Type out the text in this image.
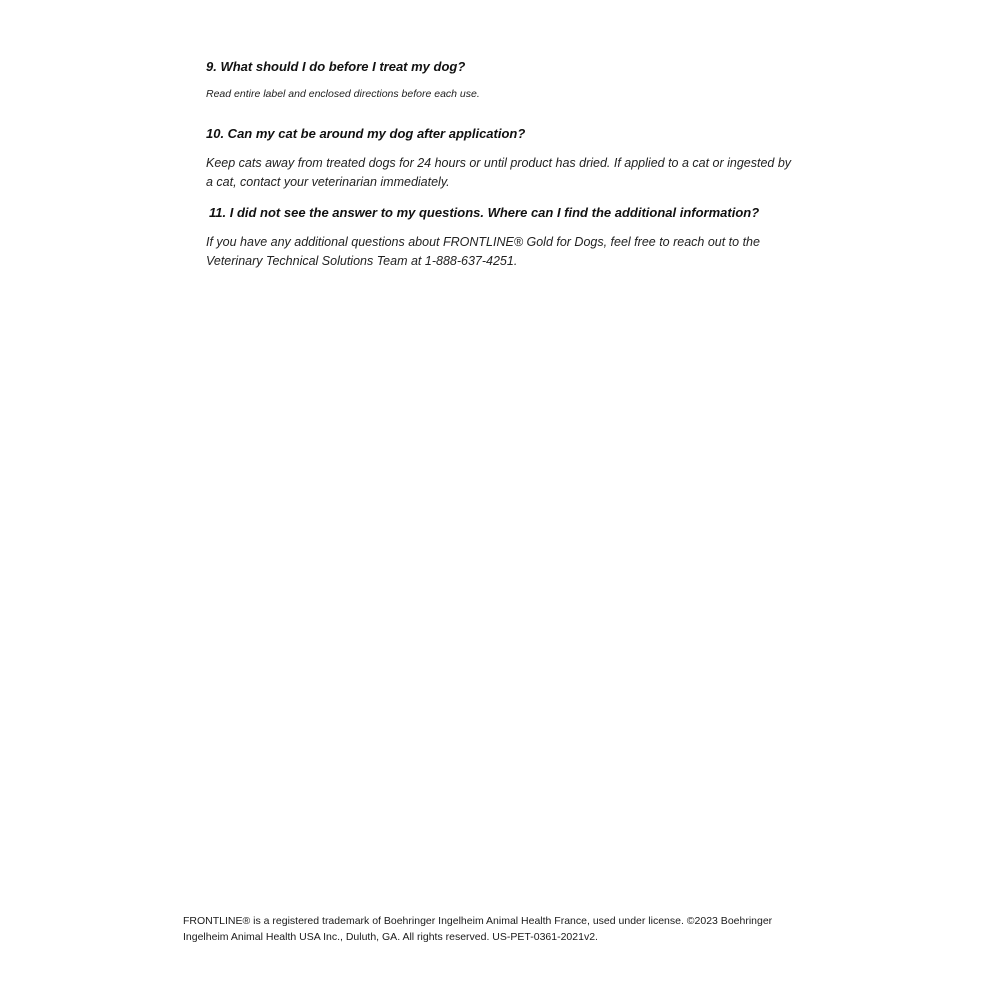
9. What should I do before I treat my dog?

Read entire label and enclosed directions before each use.

10. Can my cat be around my dog after application?

Keep cats away from treated dogs for 24 hours or until product has dried. If applied to a cat or ingested by a cat, contact your veterinarian immediately.

11. I did not see the answer to my questions. Where can I find the additional information?

If you have any additional questions about FRONTLINE® Gold for Dogs, feel free to reach out to the Veterinary Technical Solutions Team at 1-888-637-4251.

FRONTLINE® is a registered trademark of Boehringer Ingelheim Animal Health France, used under license. ©2023 Boehringer Ingelheim Animal Health USA Inc., Duluth, GA. All rights reserved. US-PET-0361-2021v2.
